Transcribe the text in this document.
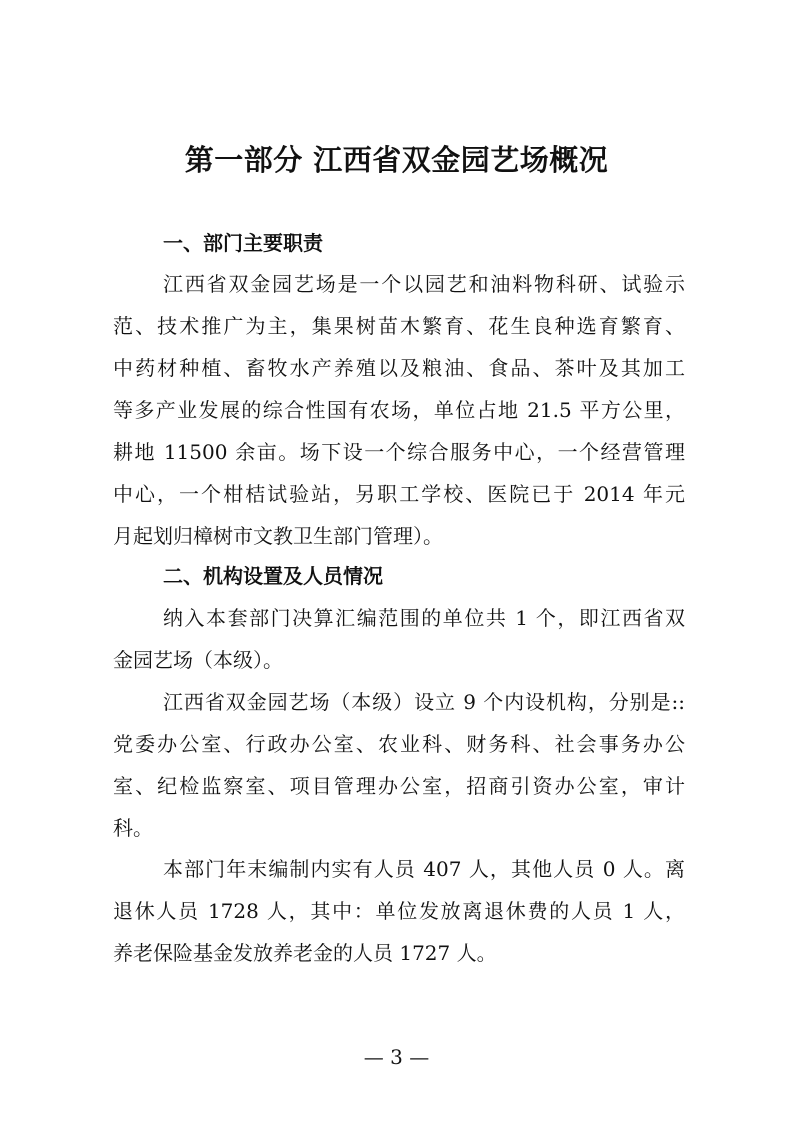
第一部分 江西省双金园艺场概况
一、部门主要职责
江西省双金园艺场是一个以园艺和油料物科研、试验示
范、技术推广为主，集果树苗木繁育、花生良种选育繁育、
中药材种植、畜牧水产养殖以及粮油、食品、茶叶及其加工
等多产业发展的综合性国有农场，单位占地 21.5 平方公里，
耕地 11500 余亩。场下设一个综合服务中心，一个经营管理
中心，一个柑桔试验站，另职工学校、医院已于 2014 年元
月起划归樟树市文教卫生部门管理）。
二、机构设置及人员情况
纳入本套部门决算汇编范围的单位共 1 个，即江西省双
金园艺场（本级）。
江西省双金园艺场（本级）设立 9 个内设机构，分别是::
党委办公室、行政办公室、农业科、财务科、社会事务办公
室、纪检监察室、项目管理办公室，招商引资办公室，审计
科。
本部门年末编制内实有人员 407 人，其他人员 0 人。离
退休人员 1728 人，其中：单位发放离退休费的人员 1 人，
养老保险基金发放养老金的人员 1727 人。
— 3 —
